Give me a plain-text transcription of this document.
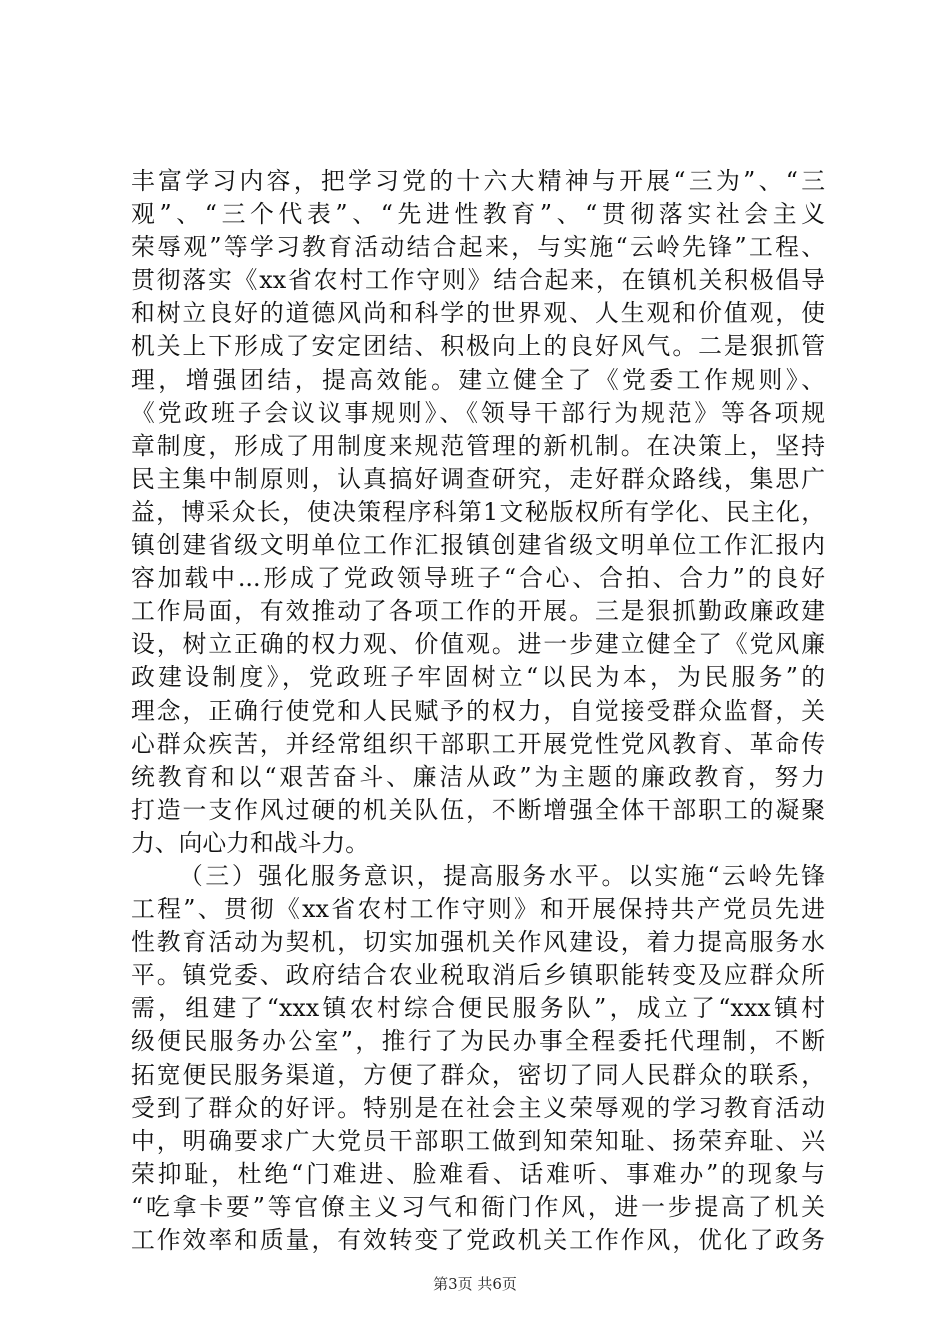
丰富学习内容，把学习党的十六大精神与开展“三为”、“三
观”、“三个代表”、“先进性教育”、“贯彻落实社会主义
荣辱观”等学习教育活动结合起来，与实施“云岭先锋”工程、
贯彻落实《xx省农村工作守则》结合起来，在镇机关积极倡导
和树立良好的道德风尚和科学的世界观、人生观和价值观，使
机关上下形成了安定团结、积极向上的良好风气。二是狠抓管
理，增强团结，提高效能。建立健全了《党委工作规则》、
《党政班子会议议事规则》、《领导干部行为规范》等各项规
章制度，形成了用制度来规范管理的新机制。在决策上，坚持
民主集中制原则，认真搞好调查研究，走好群众路线，集思广
益，博采众长，使决策程序科第1文秘版权所有学化、民主化，
镇创建省级文明单位工作汇报镇创建省级文明单位工作汇报内
容加载中...形成了党政领导班子“合心、合拍、合力”的良好
工作局面，有效推动了各项工作的开展。三是狠抓勤政廉政建
设，树立正确的权力观、价值观。进一步建立健全了《党风廉
政建设制度》，党政班子牢固树立“以民为本，为民服务”的
理念，正确行使党和人民赋予的权力，自觉接受群众监督，关
心群众疾苦，并经常组织干部职工开展党性党风教育、革命传
统教育和以“艰苦奋斗、廉洁从政”为主题的廉政教育，努力
打造一支作风过硬的机关队伍，不断增强全体干部职工的凝聚
力、向心力和战斗力。
（三）强化服务意识，提高服务水平。以实施“云岭先锋
工程”、贯彻《xx省农村工作守则》和开展保持共产党员先进
性教育活动为契机，切实加强机关作风建设，着力提高服务水
平。镇党委、政府结合农业税取消后乡镇职能转变及应群众所
需，组建了“xxx镇农村综合便民服务队”，成立了“xxx镇村
级便民服务办公室”，推行了为民办事全程委托代理制，不断
拓宽便民服务渠道，方便了群众，密切了同人民群众的联系，
受到了群众的好评。特别是在社会主义荣辱观的学习教育活动
中，明确要求广大党员干部职工做到知荣知耻、扬荣弃耻、兴
荣抑耻，杜绝“门难进、脸难看、话难听、事难办”的现象与
“吃拿卡要”等官僚主义习气和衙门作风，进一步提高了机关
工作效率和质量，有效转变了党政机关工作作风，优化了政务
第3页 共6页
